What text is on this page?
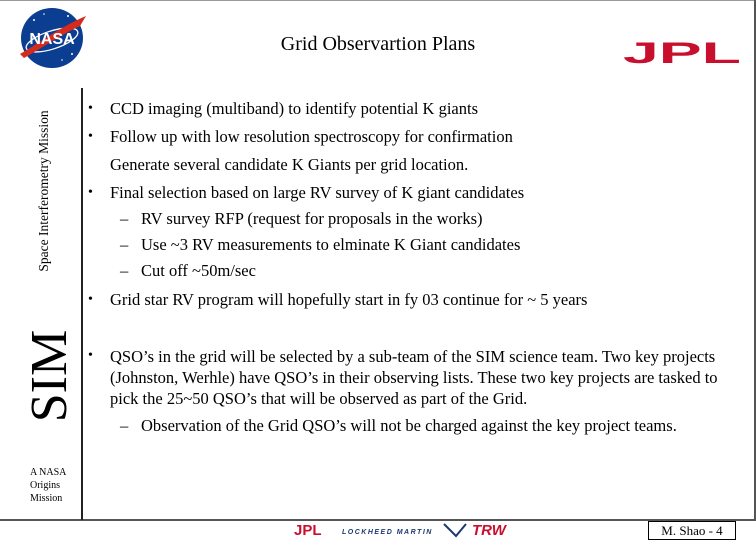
NASA	JPL
Grid Observartion Plans
Space Interferometry Mission
SIM
A NASA
Origins
Mission
• CCD imaging (multiband) to identify potential K giants
• Follow up with low resolution spectroscopy for confirmation
Generate several candidate K Giants per grid location.
• Final selection based on large RV survey of K giant candidates
– RV survey RFP (request for proposals in the works)
– Use ~3 RV measurements to elminate K Giant candidates
– Cut off ~50m/sec
• Grid star RV program will hopefully start in fy 03 continue for ~ 5 years
• QSO’s in the grid will be selected by a sub-team of the SIM science team. Two key projects (Johnston, Werhle) have QSO’s in their observing lists. These two key projects are tasked to pick the 25~50 QSO’s that will be observed as part of the Grid.
– Observation of the Grid QSO’s will not be charged against the key project teams.
JPL	LOCKHEED MARTIN	TRW	M. Shao - 4
